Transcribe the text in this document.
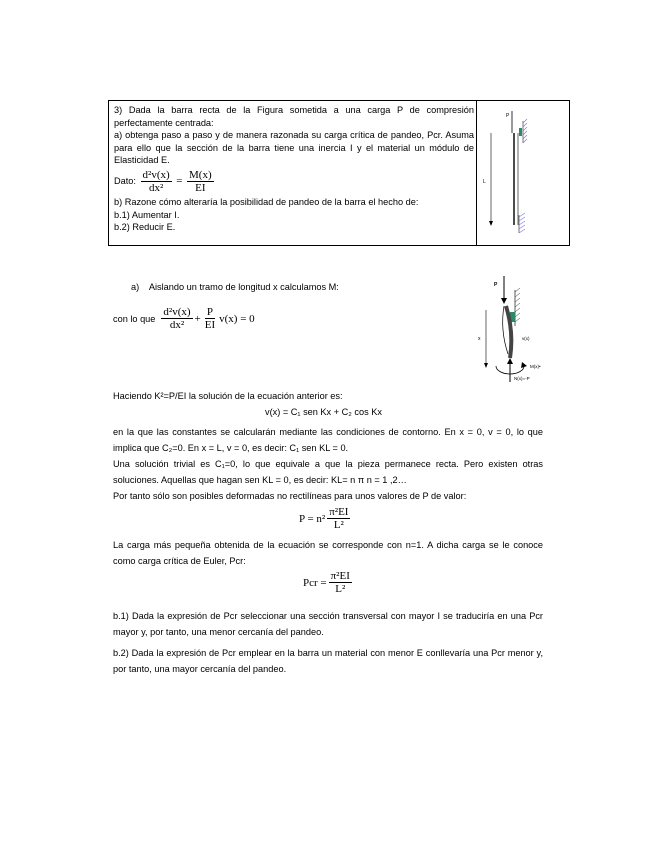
3) Dada la barra recta de la Figura sometida a una carga P de compresión perfectamente centrada:

a) obtenga paso a paso y de manera razonada su carga crítica de pandeo, Pcr. Asuma para ello que la sección de la barra tiene una inercia I y el material un módulo de Elasticidad E.

Dato: $\frac{\text{d²v(x)}}{\text{dx²}} = \frac{M(x)}{EI}$

b) Razone cómo alteraría la posibilidad de pandeo de la barra el hecho de:

b.1) Aumentar I.

b.2) Reducir E.

P
L
a)    Aislando un tramo de longitud x calculamos M:
con lo que $\frac{\text{d²v(x)}}{\text{dx²}} + \frac{P}{EI} v(x) = 0$
P
x	v(x)
M(x)•
N(x)=-P
Haciendo K²=P/EI la solución de la ecuación anterior es:
v(x) = C₁ sen Kx + C₂ cos Kx

en la que las constantes se calcularán mediante las condiciones de contorno. En x = 0, v = 0, lo que implica que C₂=0. En x = L, v = 0, es decir: C₁ sen KL = 0.

Una solución trivial es C₁=0, lo que equivale a que la pieza permanece recta. Pero existen otras soluciones. Aquellas que hagan sen KL = 0, es decir: KL= n π n = 1 ,2…

Por tanto sólo son posibles deformadas no rectilíneas para unos valores de P de valor:

$P = n^2 \frac{\text{π²EI}}{\text{L²}}$
La carga más pequeña obtenida de la ecuación se corresponde con n=1. A dicha carga se le conoce como carga crítica de Euler, Pcr:
Pcr = $\frac{\text{π²EI}}{\text{L²}}$
b.1) Dada la expresión de Pcr seleccionar una sección transversal con mayor I se traduciría en una Pcr mayor y, por tanto, una menor cercanía del pandeo.
b.2) Dada la expresión de Pcr emplear en la barra un material con menor E conllevaría una Pcr menor y, por tanto, una mayor cercanía del pandeo.
